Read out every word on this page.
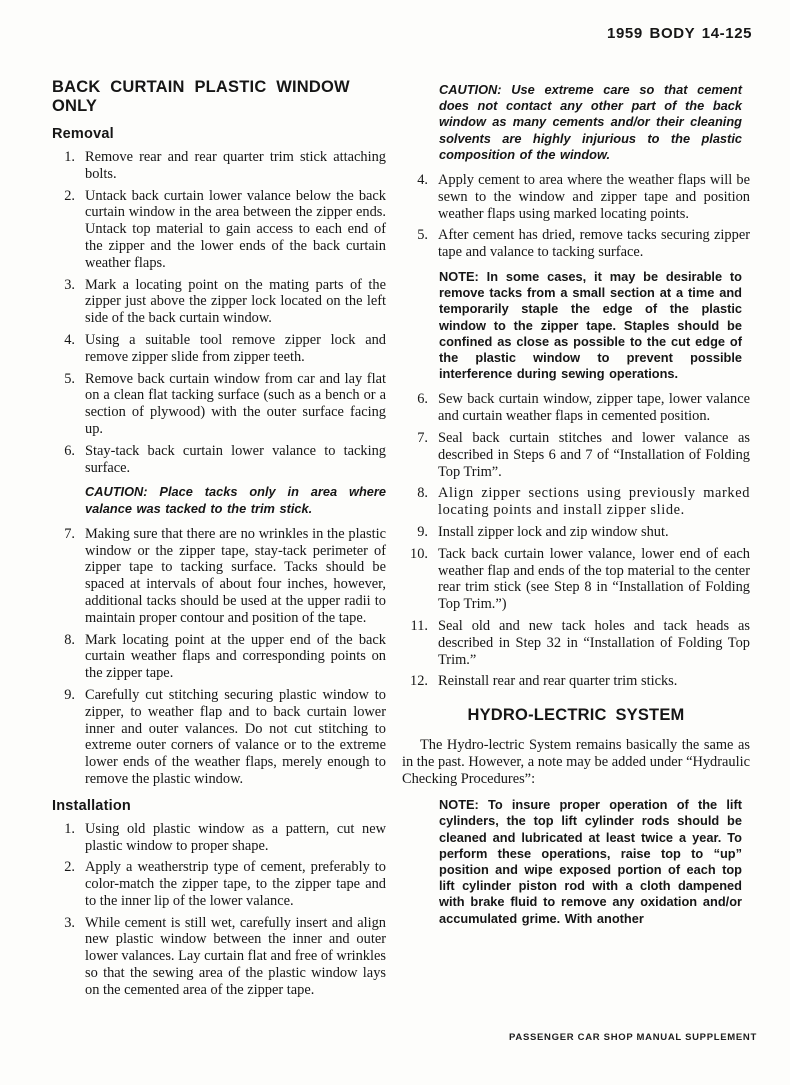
1959 BODY 14-125
BACK CURTAIN PLASTIC WINDOW ONLY
Removal
1. Remove rear and rear quarter trim stick attaching bolts.
2. Untack back curtain lower valance below the back curtain window in the area between the zipper ends. Untack top material to gain access to each end of the zipper and the lower ends of the back curtain weather flaps.
3. Mark a locating point on the mating parts of the zipper just above the zipper lock located on the left side of the back curtain window.
4. Using a suitable tool remove zipper lock and remove zipper slide from zipper teeth.
5. Remove back curtain window from car and lay flat on a clean flat tacking surface (such as a bench or a section of plywood) with the outer surface facing up.
6. Stay-tack back curtain lower valance to tacking surface.
CAUTION: Place tacks only in area where valance was tacked to the trim stick.
7. Making sure that there are no wrinkles in the plastic window or the zipper tape, stay-tack perimeter of zipper tape to tacking surface. Tacks should be spaced at intervals of about four inches, however, additional tacks should be used at the upper radii to maintain proper contour and position of the tape.
8. Mark locating point at the upper end of the back curtain weather flaps and corresponding points on the zipper tape.
9. Carefully cut stitching securing plastic window to zipper, to weather flap and to back curtain lower inner and outer valances. Do not cut stitching to extreme outer corners of valance or to the extreme lower ends of the weather flaps, merely enough to remove the plastic window.
Installation
1. Using old plastic window as a pattern, cut new plastic window to proper shape.
2. Apply a weatherstrip type of cement, preferably to color-match the zipper tape, to the zipper tape and to the inner lip of the lower valance.
3. While cement is still wet, carefully insert and align new plastic window between the inner and outer lower valances. Lay curtain flat and free of wrinkles so that the sewing area of the plastic window lays on the cemented area of the zipper tape.
CAUTION: Use extreme care so that cement does not contact any other part of the back window as many cements and/or their cleaning solvents are highly injurious to the plastic composition of the window.
4. Apply cement to area where the weather flaps will be sewn to the window and zipper tape and position weather flaps using marked locating points.
5. After cement has dried, remove tacks securing zipper tape and valance to tacking surface.
NOTE: In some cases, it may be desirable to remove tacks from a small section at a time and temporarily staple the edge of the plastic window to the zipper tape. Staples should be confined as close as possible to the cut edge of the plastic window to prevent possible interference during sewing operations.
6. Sew back curtain window, zipper tape, lower valance and curtain weather flaps in cemented position.
7. Seal back curtain stitches and lower valance as described in Steps 6 and 7 of “Installation of Folding Top Trim”.
8. Align zipper sections using previously marked locating points and install zipper slide.
9. Install zipper lock and zip window shut.
10. Tack back curtain lower valance, lower end of each weather flap and ends of the top material to the center rear trim stick (see Step 8 in “Installation of Folding Top Trim.”)
11. Seal old and new tack holes and tack heads as described in Step 32 in “Installation of Folding Top Trim.”
12. Reinstall rear and rear quarter trim sticks.
HYDRO-LECTRIC SYSTEM

The Hydro-lectric System remains basically the same as in the past. However, a note may be added under “Hydraulic Checking Procedures”:

NOTE: To insure proper operation of the lift cylinders, the top lift cylinder rods should be cleaned and lubricated at least twice a year. To perform these operations, raise top to “up” position and wipe exposed portion of each top lift cylinder piston rod with a cloth dampened with brake fluid to remove any oxidation and/or accumulated grime. With another
PASSENGER CAR SHOP MANUAL SUPPLEMENT
